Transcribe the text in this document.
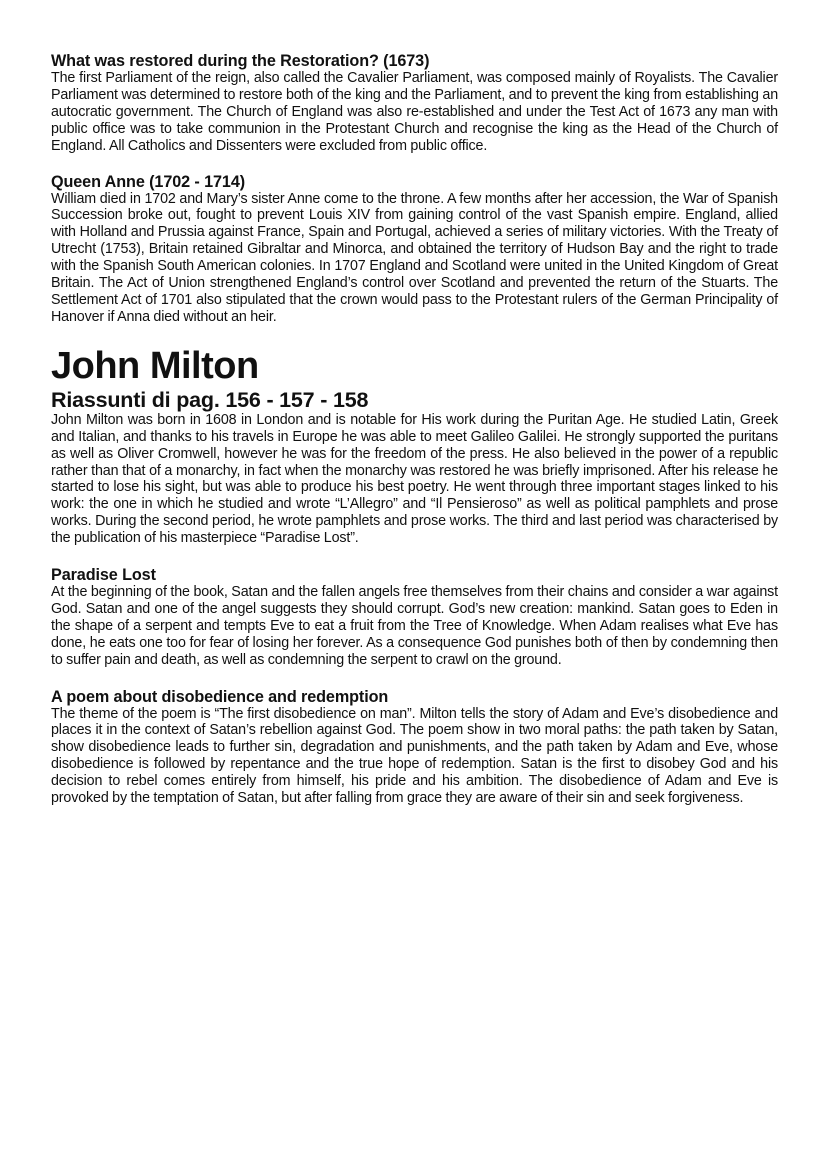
What was restored during the Restoration? (1673)

The first Parliament of the reign, also called the Cavalier Parliament, was composed mainly of Royalists. The Cavalier Parliament was determined to restore both of the king and the Parliament, and to prevent the king from establishing an autocratic government. The Church of England was also re-established and under the Test Act of 1673 any man with public office was to take communion in the Protestant Church and recognise the king as the Head of the Church of England. All Catholics and Dissenters were excluded from public office.

Queen Anne (1702 - 1714)

William died in 1702 and Mary’s sister Anne come to the throne. A few months after her accession, the War of Spanish Succession broke out, fought to prevent Louis XIV from gaining control of the vast Spanish empire. England, allied with Holland and Prussia against France, Spain and Portugal, achieved a series of military victories. With the Treaty of Utrecht (1753), Britain retained Gibraltar and Minorca, and obtained the territory of Hudson Bay and the right to trade with the Spanish South American colonies. In 1707 England and Scotland were united in the United Kingdom of Great Britain. The Act of Union strengthened England’s control over Scotland and prevented the return of the Stuarts. The Settlement Act of 1701 also stipulated that the crown would pass to the Protestant rulers of the German Principality of Hanover if Anna died without an heir.

John Milton
Riassunti di pag. 156 - 157 - 158

John Milton was born in 1608 in London and is notable for His work during the Puritan Age. He studied Latin, Greek and Italian, and thanks to his travels in Europe he was able to meet Galileo Galilei. He strongly supported the puritans as well as Oliver Cromwell, however he was for the freedom of the press. He also believed in the power of a republic rather than that of a monarchy, in fact when the monarchy was restored he was briefly imprisoned. After his release he started to lose his sight, but was able to produce his best poetry. He went through three important stages linked to his work: the one in which he studied and wrote “L’Allegro” and “Il Pensieroso” as well as political pamphlets and prose works. During the second period, he wrote pamphlets and prose works. The third and last period was characterised by the publication of his masterpiece “Paradise Lost”.

Paradise Lost

At the beginning of the book, Satan and the fallen angels free themselves from their chains and consider a war against God. Satan and one of the angel suggests they should corrupt. God’s new creation: mankind. Satan goes to Eden in the shape of a serpent and tempts Eve to eat a fruit from the Tree of Knowledge. When Adam realises what Eve has done, he eats one too for fear of losing her forever. As a consequence God punishes both of then by condemning then to suffer pain and death, as well as condemning the serpent to crawl on the ground.

A poem about disobedience and redemption

The theme of the poem is “The first disobedience on man”. Milton tells the story of Adam and Eve’s disobedience and places it in the context of Satan’s rebellion against God. The poem show in two moral paths: the path taken by Satan, show disobedience leads to further sin, degradation and punishments, and the path taken by Adam and Eve, whose disobedience is followed by repentance and the true hope of redemption. Satan is the first to disobey God and his decision to rebel comes entirely from himself, his pride and his ambition. The disobedience of Adam and Eve is provoked by the temptation of Satan, but after falling from grace they are aware of their sin and seek forgiveness.
